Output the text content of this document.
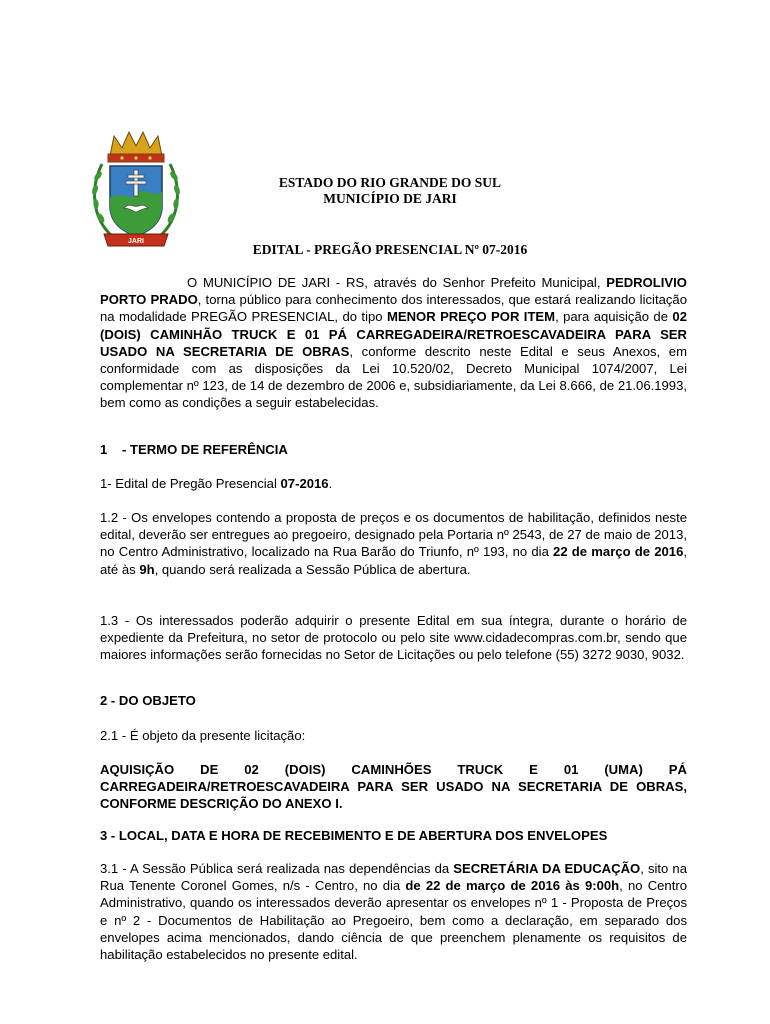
JARI
ESTADO DO RIO GRANDE DO SUL
MUNICÍPIO DE JARI
EDITAL - PREGÃO PRESENCIAL Nº 07-2016
O MUNICÍPIO DE JARI - RS, através do Senhor Prefeito Municipal, PEDROLIVIO PORTO PRADO, torna público para conhecimento dos interessados, que estará realizando licitação na modalidade PREGÃO PRESENCIAL, do tipo MENOR PREÇO POR ITEM, para aquisição de 02 (DOIS) CAMINHÃO TRUCK E 01 PÁ CARREGADEIRA/RETROESCAVADEIRA PARA SER USADO NA SECRETARIA DE OBRAS, conforme descrito neste Edital e seus Anexos, em conformidade com as disposições da Lei 10.520/02, Decreto Municipal 1074/2007, Lei complementar nº 123, de 14 de dezembro de 2006 e, subsidiariamente, da Lei 8.666, de 21.06.1993, bem como as condições a seguir estabelecidas.
1 - TERMO DE REFERÊNCIA
1- Edital de Pregão Presencial 07-2016.
1.2 - Os envelopes contendo a proposta de preços e os documentos de habilitação, definidos neste edital, deverão ser entregues ao pregoeiro, designado pela Portaria nº 2543, de 27 de maio de 2013, no Centro Administrativo, localizado na Rua Barão do Triunfo, nº 193, no dia 22 de março de 2016, até às 9h, quando será realizada a Sessão Pública de abertura.
1.3 - Os interessados poderão adquirir o presente Edital em sua íntegra, durante o horário de expediente da Prefeitura, no setor de protocolo ou pelo site www.cidadecompras.com.br, sendo que maiores informações serão fornecidas no Setor de Licitações ou pelo telefone (55) 3272 9030, 9032.
2 - DO OBJETO
2.1 - É objeto da presente licitação:
AQUISIÇÃO DE 02 (DOIS) CAMINHÕES TRUCK E 01 (UMA) PÁ CARREGADEIRA/RETROESCAVADEIRA PARA SER USADO NA SECRETARIA DE OBRAS, CONFORME DESCRIÇÃO DO ANEXO I.
3 - LOCAL, DATA E HORA DE RECEBIMENTO E DE ABERTURA DOS ENVELOPES
3.1 - A Sessão Pública será realizada nas dependências da SECRETÁRIA DA EDUCAÇÃO, sito na Rua Tenente Coronel Gomes, n/s - Centro, no dia de 22 de março de 2016 às 9:00h, no Centro Administrativo, quando os interessados deverão apresentar os envelopes nº 1 - Proposta de Preços e nº 2 - Documentos de Habilitação ao Pregoeiro, bem como a declaração, em separado dos envelopes acima mencionados, dando ciência de que preenchem plenamente os requisitos de habilitação estabelecidos no presente edital.
